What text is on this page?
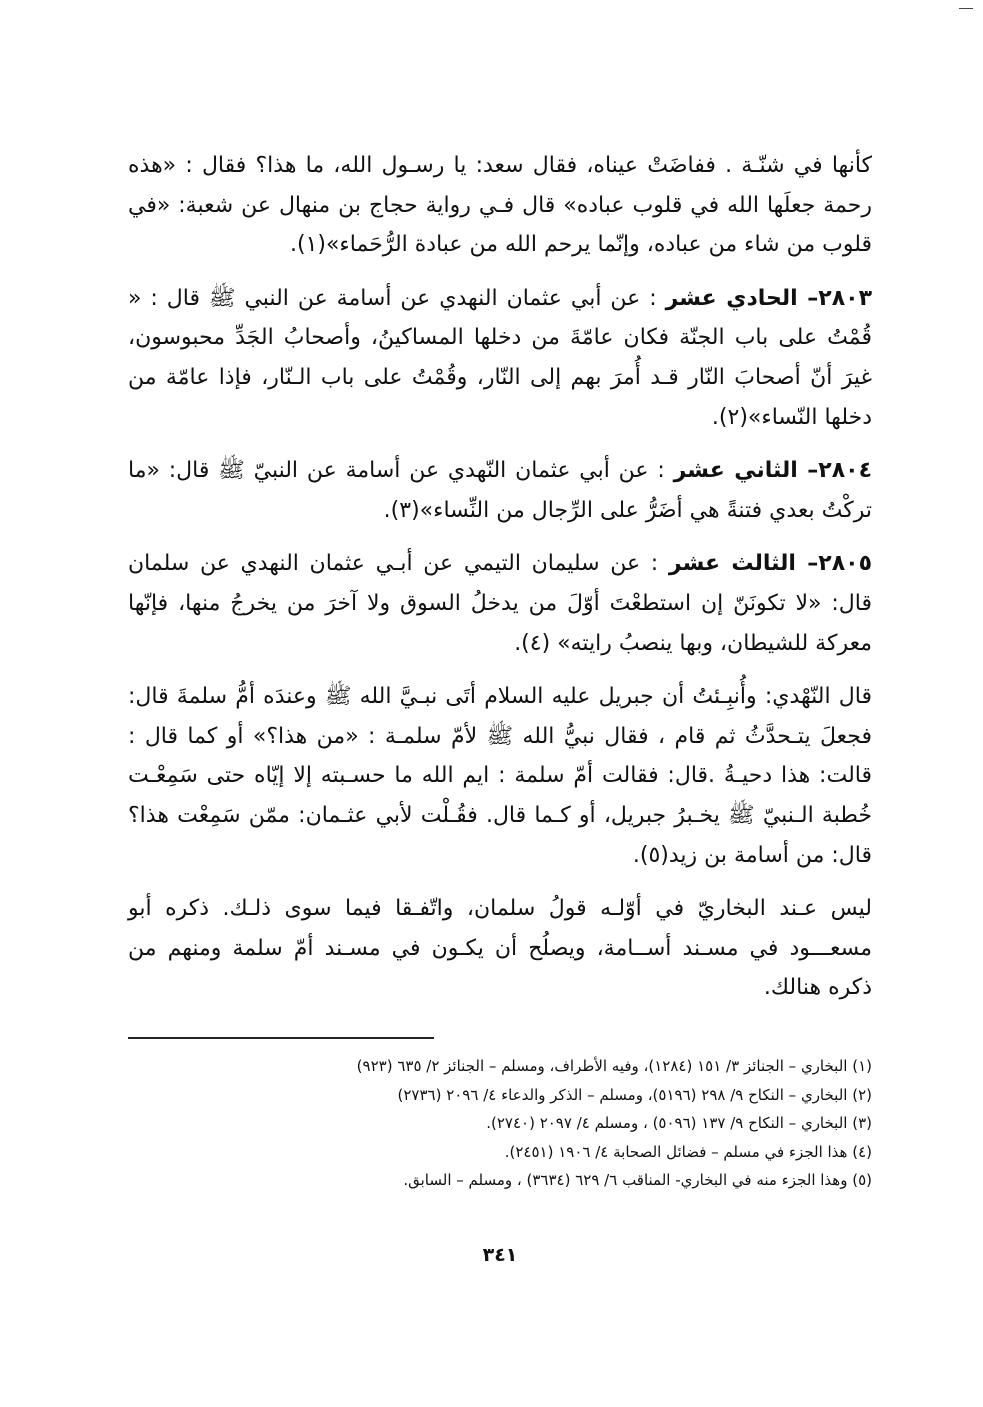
كأنها في شنّـة . ففاضَتْ عيناه، فقال سعد: يا رسـول الله، ما هذا؟ فقال : «هذه رحمة جعلَها الله في قلوب عباده» قال فـي رواية حجاج بن منهال عن شعبة: «في قلوب من شاء من عباده، وإنّما يرحم الله من عبادة الرُّحَماء»(١).

٢٨٠٣– الحادي عشر : عن أبي عثمان النهدي عن أسامة عن النبي ﷺ قال : « قُمْتُ على باب الجنّة فكان عامّةَ من دخلها المساكينُ، وأصحابُ الجَدِّ محبوسون، غيرَ أنّ أصحابَ النّار قـد أُمرَ بهم إلى النّار، وقُمْتُ على باب الـنّار، فإذا عامّة من دخلها النّساء»(٢).

٢٨٠٤– الثاني عشر : عن أبي عثمان النّهدي عن أسامة عن النبيّ ﷺ قال: «ما تركْتُ بعدي فتنةً هي أضَرُّ على الرِّجال من النِّساء»(٣).

٢٨٠٥– الثالث عشر : عن سليمان التيمي عن أبـي عثمان النهدي عن سلمان قال: «لا تكونَنّ إن استطعْتَ أوّلَ من يدخلُ السوق ولا آخرَ من يخرجُ منها، فإنّها معركة للشيطان، وبها ينصبُ رايته» (٤).

قال النّهْدي: وأُنبِـئتُ أن جبريل عليه السلام أتَى نبـيَّ الله ﷺ وعندَه أمُّ سلمةَ قال: فجعلَ يتـحدَّثُ ثم قام ، فقال نبيُّ الله ﷺ لأمّ سلمـة : «من هذا؟» أو كما قال : قالت: هذا دحيـةُ .قال: فقالت أمّ سلمة : ايم الله ما حسـبته إلا إيّاه حتى سَمِعْـت خُطبة الـنبيّ ﷺ يخـبرُ جبريل، أو كـما قال. فقُـلْت لأبي عثـمان: ممّن سَمِعْت هذا؟ قال: من أسامة بن زيد(٥).

ليس عـند البخاريّ في أوّلـه قولُ سلمان، واتّفـقا فيما سوى ذلـك. ذكره أبو مسعـــود في مسـند أســامة، ويصلُح أن يكـون في مسـند أمّ سلمة ومنهم من ذكره هنالك.

(١) البخاري – الجنائز ٣/ ١٥١ (١٢٨٤)، وفيه الأطراف، ومسلم – الجنائز ٢/ ٦٣٥ (٩٢٣)

(٢) البخاري – النكاح ٩/ ٢٩٨ (٥١٩٦)، ومسلم – الذكر والدعاء ٤/ ٢٠٩٦ (٢٧٣٦)

(٣) البخاري – النكاح ٩/ ١٣٧ (٥٠٩٦) ، ومسلم ٤/ ٢٠٩٧ (٢٧٤٠).

(٤) هذا الجزء في مسلم – فضائل الصحابة ٤/ ١٩٠٦ (٢٤٥١).

(٥) وهذا الجزء منه في البخاري- المناقب ٦/ ٦٢٩ (٣٦٣٤) ، ومسلم – السابق.

٣٤١
